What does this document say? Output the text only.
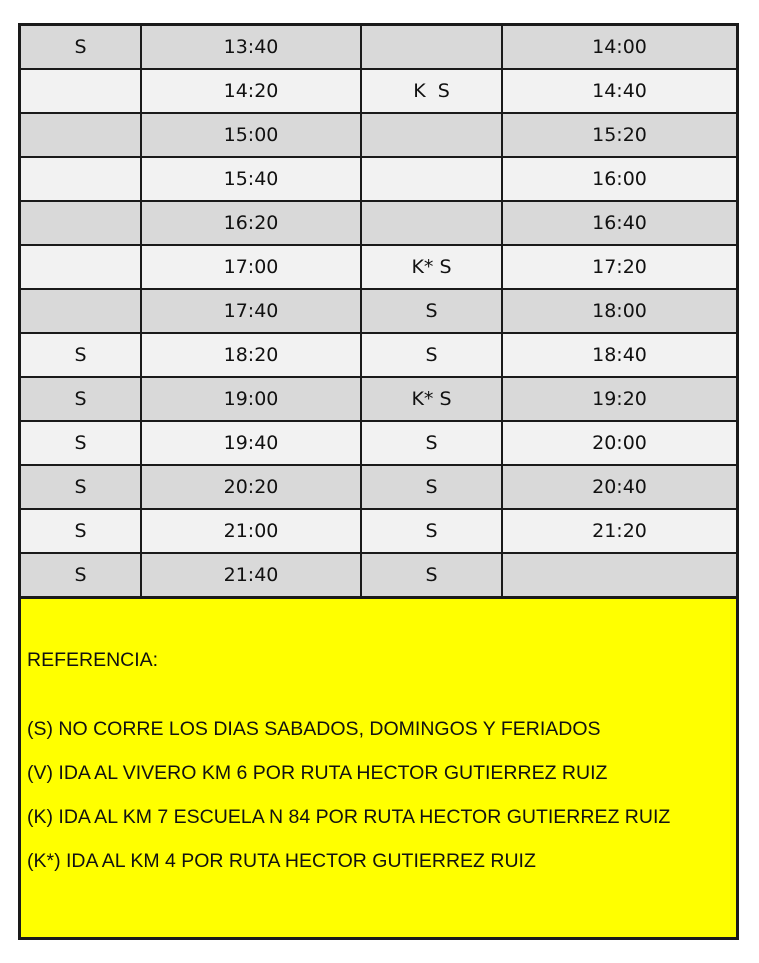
S	13:40		14:00
	14:20	K  S	14:40
	15:00		15:20
	15:40		16:00
	16:20		16:40
	17:00	K* S	17:20
	17:40	S	18:00
S	18:20	S	18:40
S	19:00	K* S	19:20
S	19:40	S	20:00
S	20:20	S	20:40
S	21:00	S	21:20
S	21:40	S	
REFERENCIA:
(S) NO CORRE LOS DIAS SABADOS, DOMINGOS Y FERIADOS
(V) IDA AL VIVERO KM 6 POR RUTA HECTOR GUTIERREZ RUIZ
(K) IDA AL KM 7 ESCUELA N 84 POR RUTA HECTOR GUTIERREZ RUIZ
(K*) IDA AL KM 4 POR RUTA HECTOR GUTIERREZ RUIZ
